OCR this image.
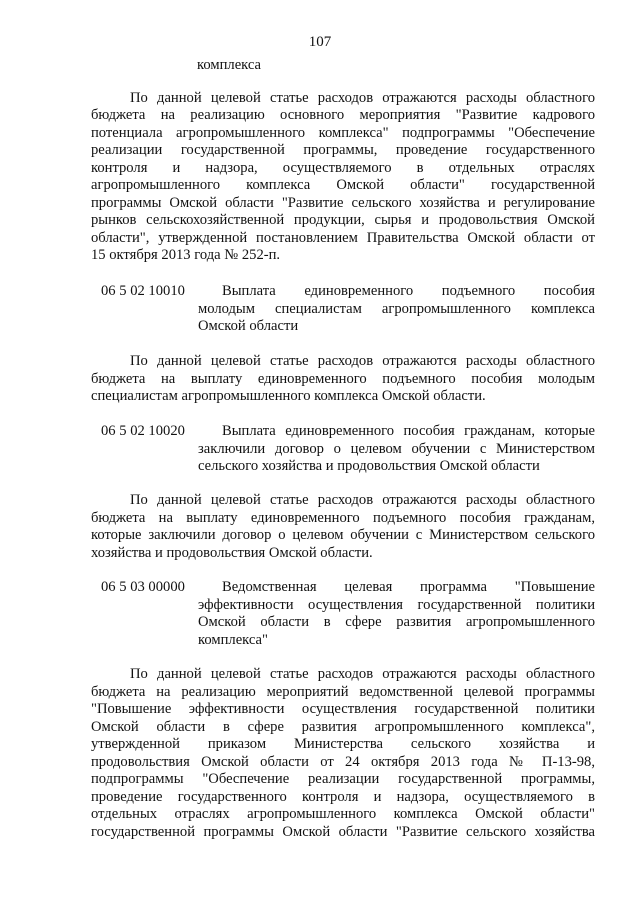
107
комплекса
По данной целевой статье расходов отражаются расходы областного
бюджета на реализацию основного мероприятия "Развитие кадрового
потенциала агропромышленного комплекса" подпрограммы "Обеспечение
реализации государственной программы, проведение государственного
контроля и надзора, осуществляемого в отдельных отраслях
агропромышленного комплекса Омской области" государственной
программы Омской области "Развитие сельского хозяйства и регулирование
рынков сельскохозяйственной продукции, сырья и продовольствия Омской
области", утвержденной постановлением Правительства Омской области от
15 октября 2013 года № 252-п.
06 5 02 10010	Выплата единовременного подъемного пособия
молодым специалистам агропромышленного комплекса
Омской области
По данной целевой статье расходов отражаются расходы областного
бюджета на выплату единовременного подъемного пособия молодым
специалистам агропромышленного комплекса Омской области.
06 5 02 10020	Выплата единовременного пособия гражданам, которые
заключили договор о целевом обучении с Министерством
сельского хозяйства и продовольствия Омской области
По данной целевой статье расходов отражаются расходы областного
бюджета на выплату единовременного подъемного пособия гражданам,
которые заключили договор о целевом обучении с Министерством сельского
хозяйства и продовольствия Омской области.
06 5 03 00000	Ведомственная целевая программа "Повышение
эффективности осуществления государственной политики
Омской области в сфере развития агропромышленного
комплекса"
По данной целевой статье расходов отражаются расходы областного
бюджета на реализацию мероприятий ведомственной целевой программы
"Повышение эффективности осуществления государственной политики
Омской области в сфере развития агропромышленного комплекса",
утвержденной приказом Министерства сельского хозяйства и
продовольствия Омской области от 24 октября 2013 года № П-13-98,
подпрограммы "Обеспечение реализации государственной программы,
проведение государственного контроля и надзора, осуществляемого в
отдельных отраслях агропромышленного комплекса Омской области"
государственной программы Омской области "Развитие сельского хозяйства
